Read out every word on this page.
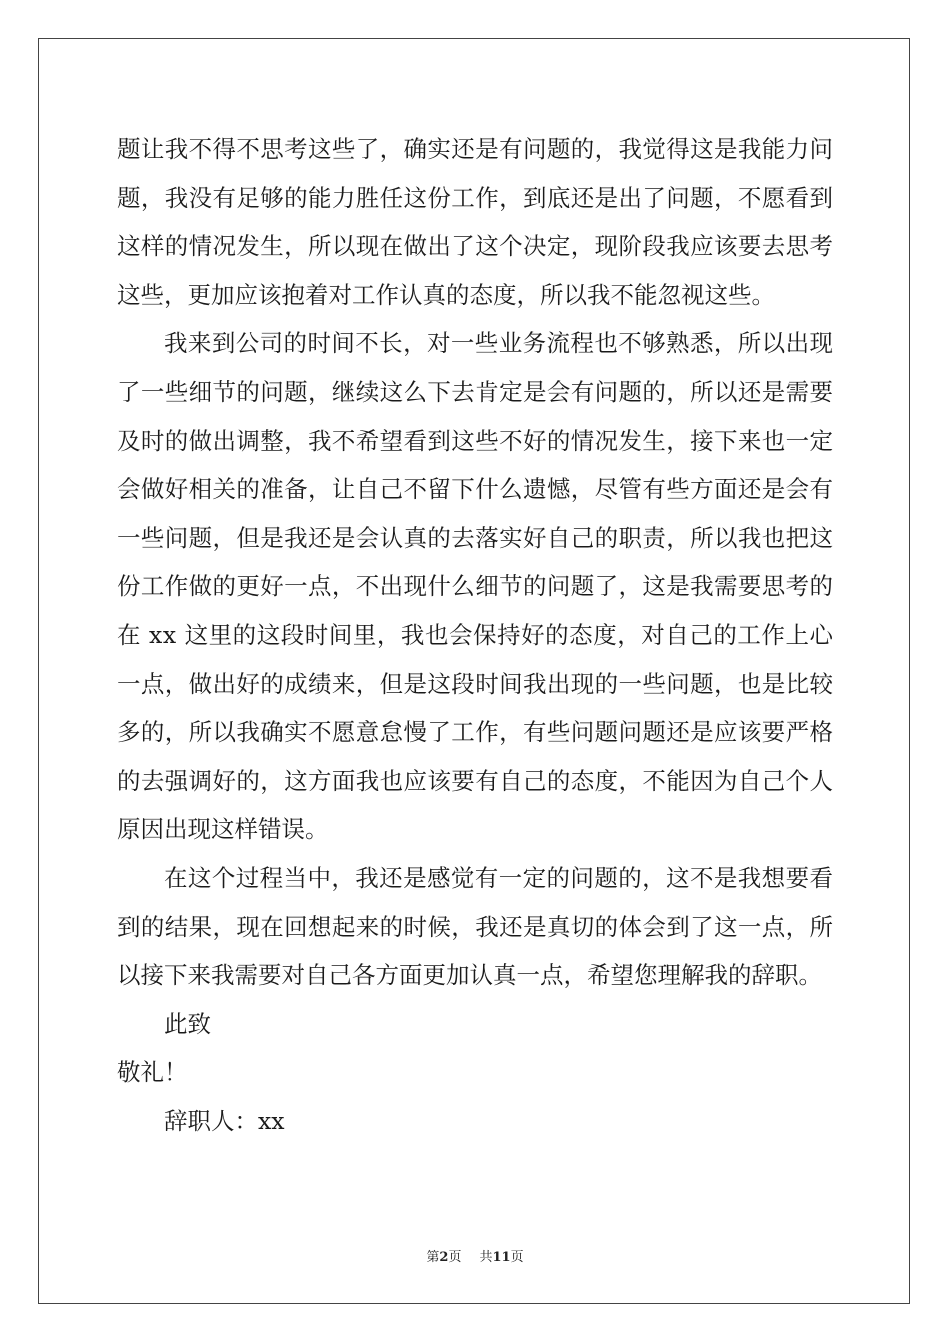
题让我不得不思考这些了，确实还是有问题的，我觉得这是我能力问
题，我没有足够的能力胜任这份工作，到底还是出了问题，不愿看到
这样的情况发生，所以现在做出了这个决定，现阶段我应该要去思考
这些，更加应该抱着对工作认真的态度，所以我不能忽视这些。
我来到公司的时间不长，对一些业务流程也不够熟悉，所以出现
了一些细节的问题，继续这么下去肯定是会有问题的，所以还是需要
及时的做出调整，我不希望看到这些不好的情况发生，接下来也一定
会做好相关的准备，让自己不留下什么遗憾，尽管有些方面还是会有
一些问题，但是我还是会认真的去落实好自己的职责，所以我也把这
份工作做的更好一点，不出现什么细节的问题了，这是我需要思考的
在 xx 这里的这段时间里，我也会保持好的态度，对自己的工作上心
一点，做出好的成绩来，但是这段时间我出现的一些问题，也是比较
多的，所以我确实不愿意怠慢了工作，有些问题问题还是应该要严格
的去强调好的，这方面我也应该要有自己的态度，不能因为自己个人
原因出现这样错误。
在这个过程当中，我还是感觉有一定的问题的，这不是我想要看
到的结果，现在回想起来的时候，我还是真切的体会到了这一点，所
以接下来我需要对自己各方面更加认真一点，希望您理解我的辞职。
此致
敬礼！
辞职人：xx
第2页 共11页
